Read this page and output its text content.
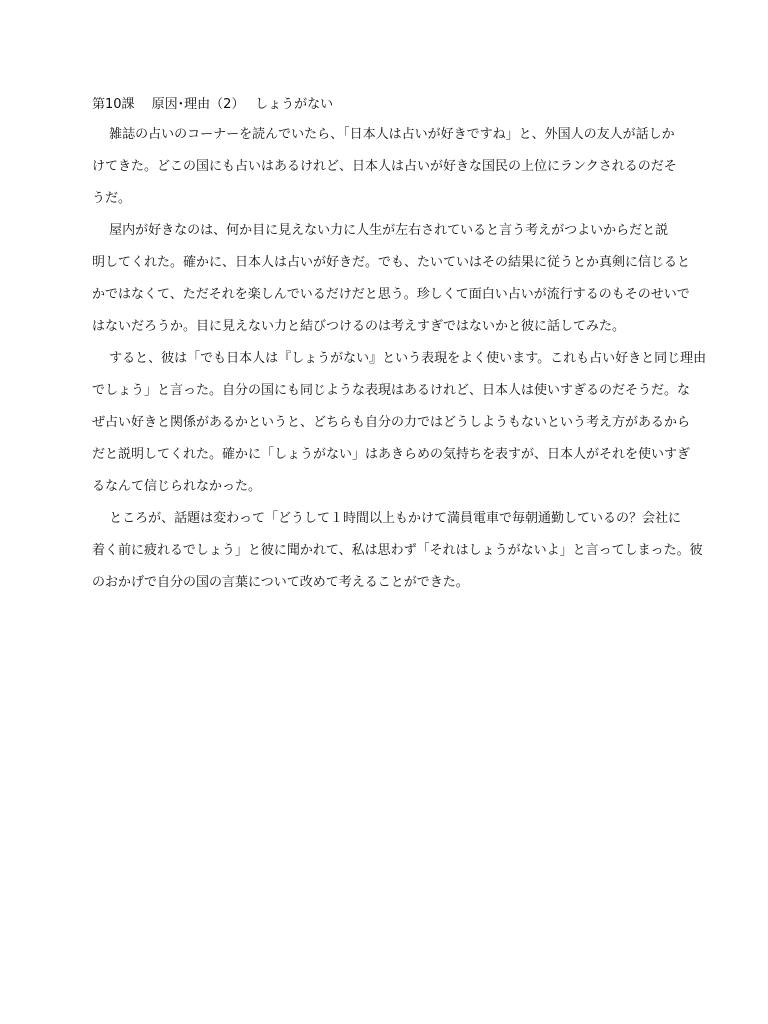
第10課　 原因･理由（2）　 しょうがない
　 雑誌の占いのコーナーを読んでいたら、「日本人は占いが好きですね」と、外国人の友人が話しか
けてきた。どこの国にも占いはあるけれど、日本人は占いが好きな国民の上位にランクされるのだそ
うだ。
　 屋内が好きなのは、何か目に見えない力に人生が左右されていると言う考えがつよいからだと説
明してくれた。確かに、日本人は占いが好きだ。でも、たいていはその結果に従うとか真剣に信じると
かではなくて、ただそれを楽しんでいるだけだと思う。珍しくて面白い占いが流行するのもそのせいで
はないだろうか。目に見えない力と結びつけるのは考えすぎではないかと彼に話してみた。
　 すると、彼は「でも日本人は『しょうがない』という表現をよく使います。これも占い好きと同じ理由
でしょう」と言った。自分の国にも同じような表現はあるけれど、日本人は使いすぎるのだそうだ。な
ぜ占い好きと関係があるかというと、どちらも自分の力ではどうしようもないという考え方があるから
だと説明してくれた。確かに「しょうがない」はあきらめの気持ちを表すが、日本人がそれを使いすぎ
るなんて信じられなかった。
　 ところが、話題は変わって「どうして１時間以上もかけて満員電車で毎朝通勤しているの？会社に
着く前に疲れるでしょう」と彼に聞かれて、私は思わず「それはしょうがないよ」と言ってしまった。彼
のおかげで自分の国の言葉について改めて考えることができた。
